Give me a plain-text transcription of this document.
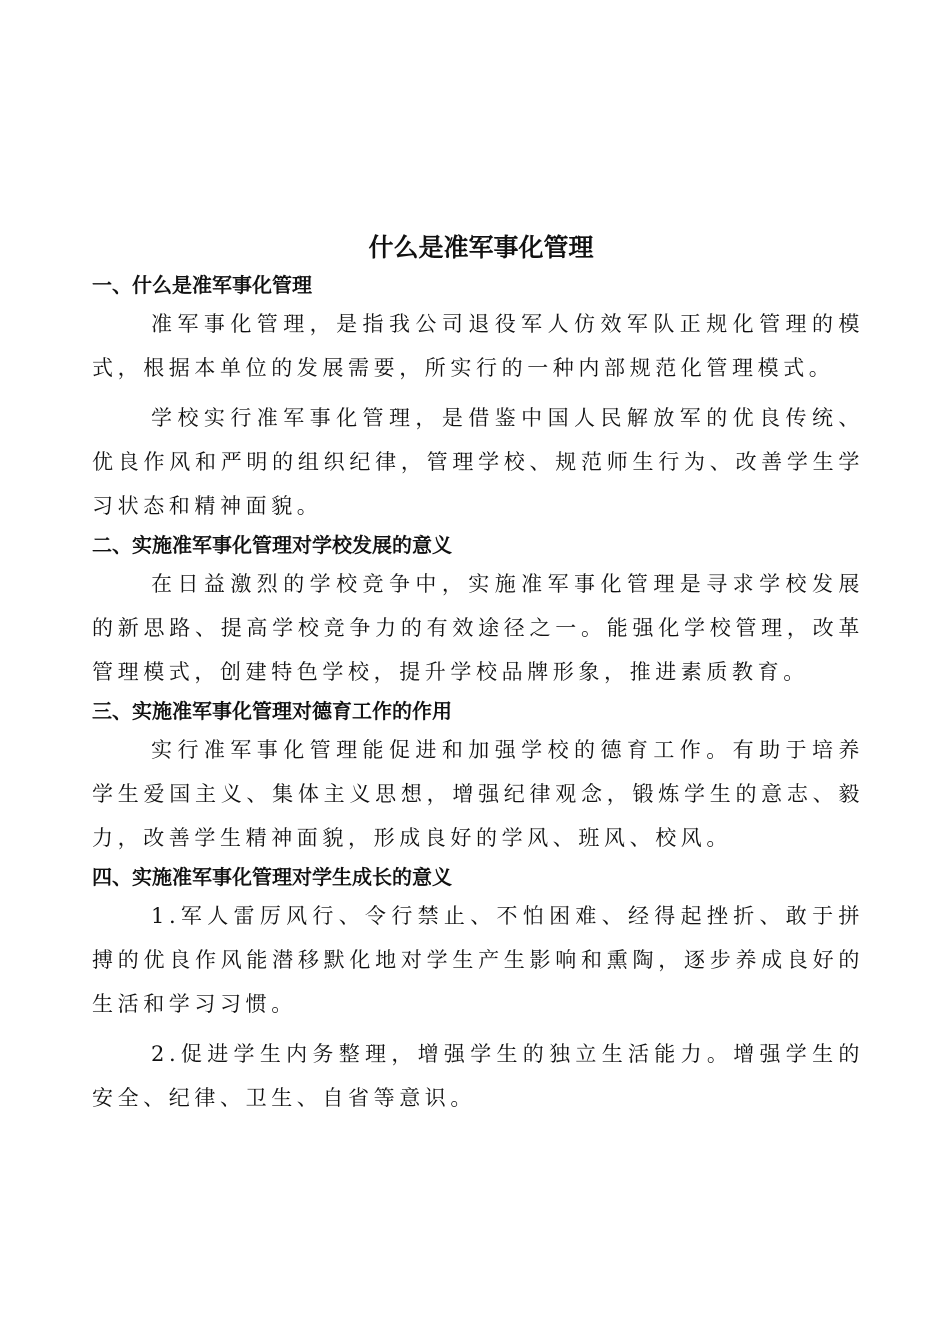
什么是准军事化管理
一、什么是准军事化管理

准军事化管理，是指我公司退役军人仿效军队正规化管理的模式，根据本单位的发展需要，所实行的一种内部规范化管理模式。

学校实行准军事化管理，是借鉴中国人民解放军的优良传统、优良作风和严明的组织纪律，管理学校、规范师生行为、改善学生学习状态和精神面貌。

二、实施准军事化管理对学校发展的意义

在日益激烈的学校竞争中，实施准军事化管理是寻求学校发展的新思路、提高学校竞争力的有效途径之一。能强化学校管理，改革管理模式，创建特色学校，提升学校品牌形象，推进素质教育。

三、实施准军事化管理对德育工作的作用

实行准军事化管理能促进和加强学校的德育工作。有助于培养学生爱国主义、集体主义思想，增强纪律观念，锻炼学生的意志、毅力，改善学生精神面貌，形成良好的学风、班风、校风。

四、实施准军事化管理对学生成长的意义

1.军人雷厉风行、令行禁止、不怕困难、经得起挫折、敢于拼搏的优良作风能潜移默化地对学生产生影响和熏陶，逐步养成良好的生活和学习习惯。

2.促进学生内务整理，增强学生的独立生活能力。增强学生的安全、纪律、卫生、自省等意识。
